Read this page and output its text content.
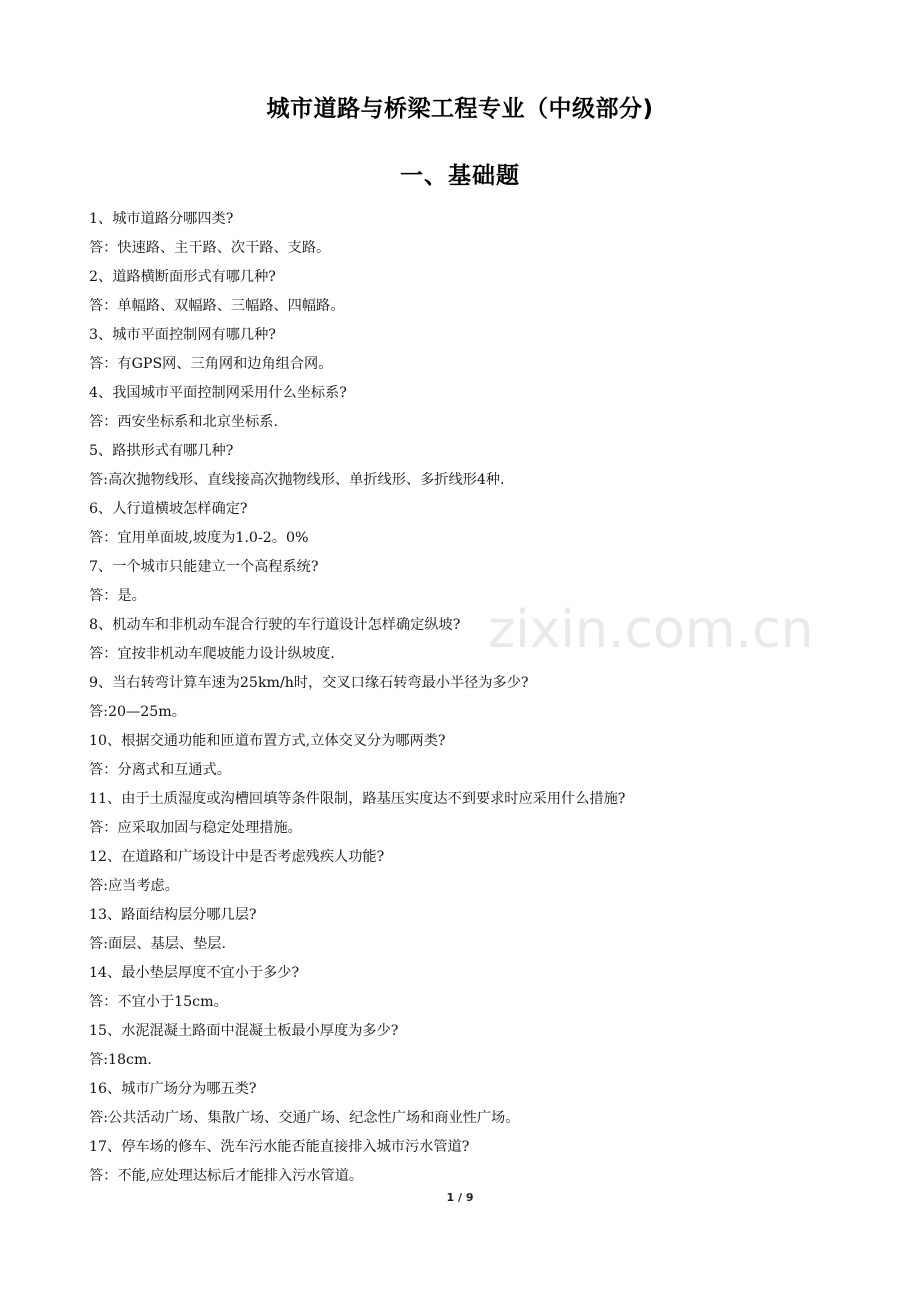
城市道路与桥梁工程专业（中级部分)
一、基础题
1、城市道路分哪四类?
答：快速路、主干路、次干路、支路。
2、道路横断面形式有哪几种?
答：单幅路、双幅路、三幅路、四幅路。
3、城市平面控制网有哪几种?
答：有GPS网、三角网和边角组合网。
4、我国城市平面控制网采用什么坐标系?
答：西安坐标系和北京坐标系.
5、路拱形式有哪几种?
答:高次抛物线形、直线接高次抛物线形、单折线形、多折线形4种.
6、人行道横坡怎样确定?
答：宜用单面坡,坡度为1.0-2。0%
7、一个城市只能建立一个高程系统?
答：是。
8、机动车和非机动车混合行驶的车行道设计怎样确定纵坡?
答：宜按非机动车爬坡能力设计纵坡度.
9、当右转弯计算车速为25km/h时，交叉口缘石转弯最小半径为多少?
答:20—25m。
10、根据交通功能和匝道布置方式,立体交叉分为哪两类?
答：分离式和互通式。
11、由于土质湿度或沟槽回填等条件限制，路基压实度达不到要求时应采用什么措施?
答：应采取加固与稳定处理措施。
12、在道路和广场设计中是否考虑残疾人功能?
答:应当考虑。
13、路面结构层分哪几层?
答:面层、基层、垫层.
14、最小垫层厚度不宜小于多少?
答：不宜小于15cm。
15、水泥混凝土路面中混凝土板最小厚度为多少?
答:18cm.
16、城市广场分为哪五类?
答:公共活动广场、集散广场、交通广场、纪念性广场和商业性广场。
17、停车场的修车、洗车污水能否能直接排入城市污水管道?
答：不能,应处理达标后才能排入污水管道。
zixin.com.cn
1 / 9
